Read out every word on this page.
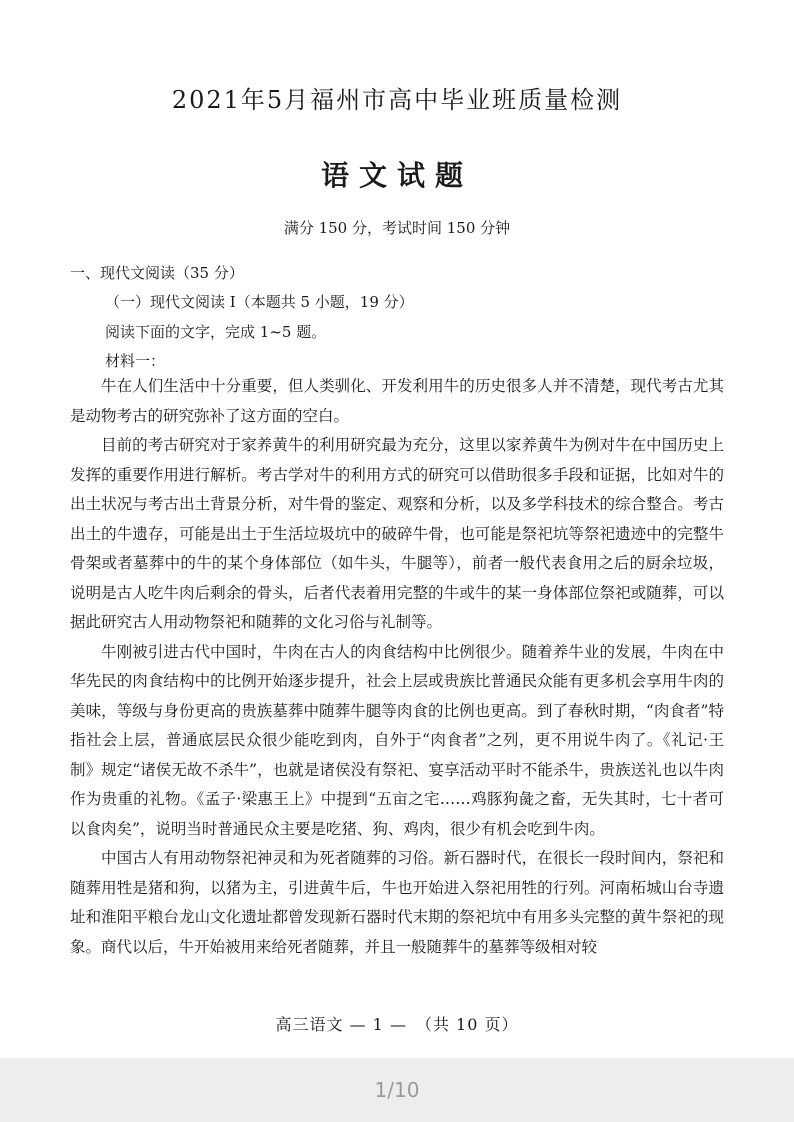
2021年5月福州市高中毕业班质量检测
语文试题
满分 150 分，考试时间 150 分钟
一、现代文阅读（35 分）
（一）现代文阅读 I（本题共 5 小题，19 分）
阅读下面的文字，完成 1~5 题。
材料一：

牛在人们生活中十分重要，但人类驯化、开发利用牛的历史很多人并不清楚，现代考古尤其是动物考古的研究弥补了这方面的空白。

目前的考古研究对于家养黄牛的利用研究最为充分，这里以家养黄牛为例对牛在中国历史上发挥的重要作用进行解析。考古学对牛的利用方式的研究可以借助很多手段和证据，比如对牛的出土状况与考古出土背景分析，对牛骨的鉴定、观察和分析，以及多学科技术的综合整合。考古出土的牛遗存，可能是出土于生活垃圾坑中的破碎牛骨，也可能是祭祀坑等祭祀遗迹中的完整牛骨架或者墓葬中的牛的某个身体部位（如牛头，牛腿等），前者一般代表食用之后的厨余垃圾，说明是古人吃牛肉后剩余的骨头，后者代表着用完整的牛或牛的某一身体部位祭祀或随葬，可以据此研究古人用动物祭祀和随葬的文化习俗与礼制等。

牛刚被引进古代中国时，牛肉在古人的肉食结构中比例很少。随着养牛业的发展，牛肉在中华先民的肉食结构中的比例开始逐步提升，社会上层或贵族比普通民众能有更多机会享用牛肉的美味，等级与身份更高的贵族墓葬中随葬牛腿等肉食的比例也更高。到了春秋时期，“肉食者”特指社会上层，普通底层民众很少能吃到肉，自外于“肉食者”之列，更不用说牛肉了。《礼记·王制》规定“诸侯无故不杀牛”，也就是诸侯没有祭祀、宴享活动平时不能杀牛，贵族送礼也以牛肉作为贵重的礼物。《孟子·梁惠王上》中提到“五亩之宅……鸡豚狗彘之畜，无失其时，七十者可以食肉矣”，说明当时普通民众主要是吃猪、狗、鸡肉，很少有机会吃到牛肉。

中国古人有用动物祭祀神灵和为死者随葬的习俗。新石器时代，在很长一段时间内，祭祀和随葬用牲是猪和狗，以猪为主，引进黄牛后，牛也开始进入祭祀用牲的行列。河南柘城山台寺遗址和淮阳平粮台龙山文化遗址都曾发现新石器时代末期的祭祀坑中有用多头完整的黄牛祭祀的现象。商代以后，牛开始被用来给死者随葬，并且一般随葬牛的墓葬等级相对较

高三语文 — 1 —　（共 10 页）
1/10
